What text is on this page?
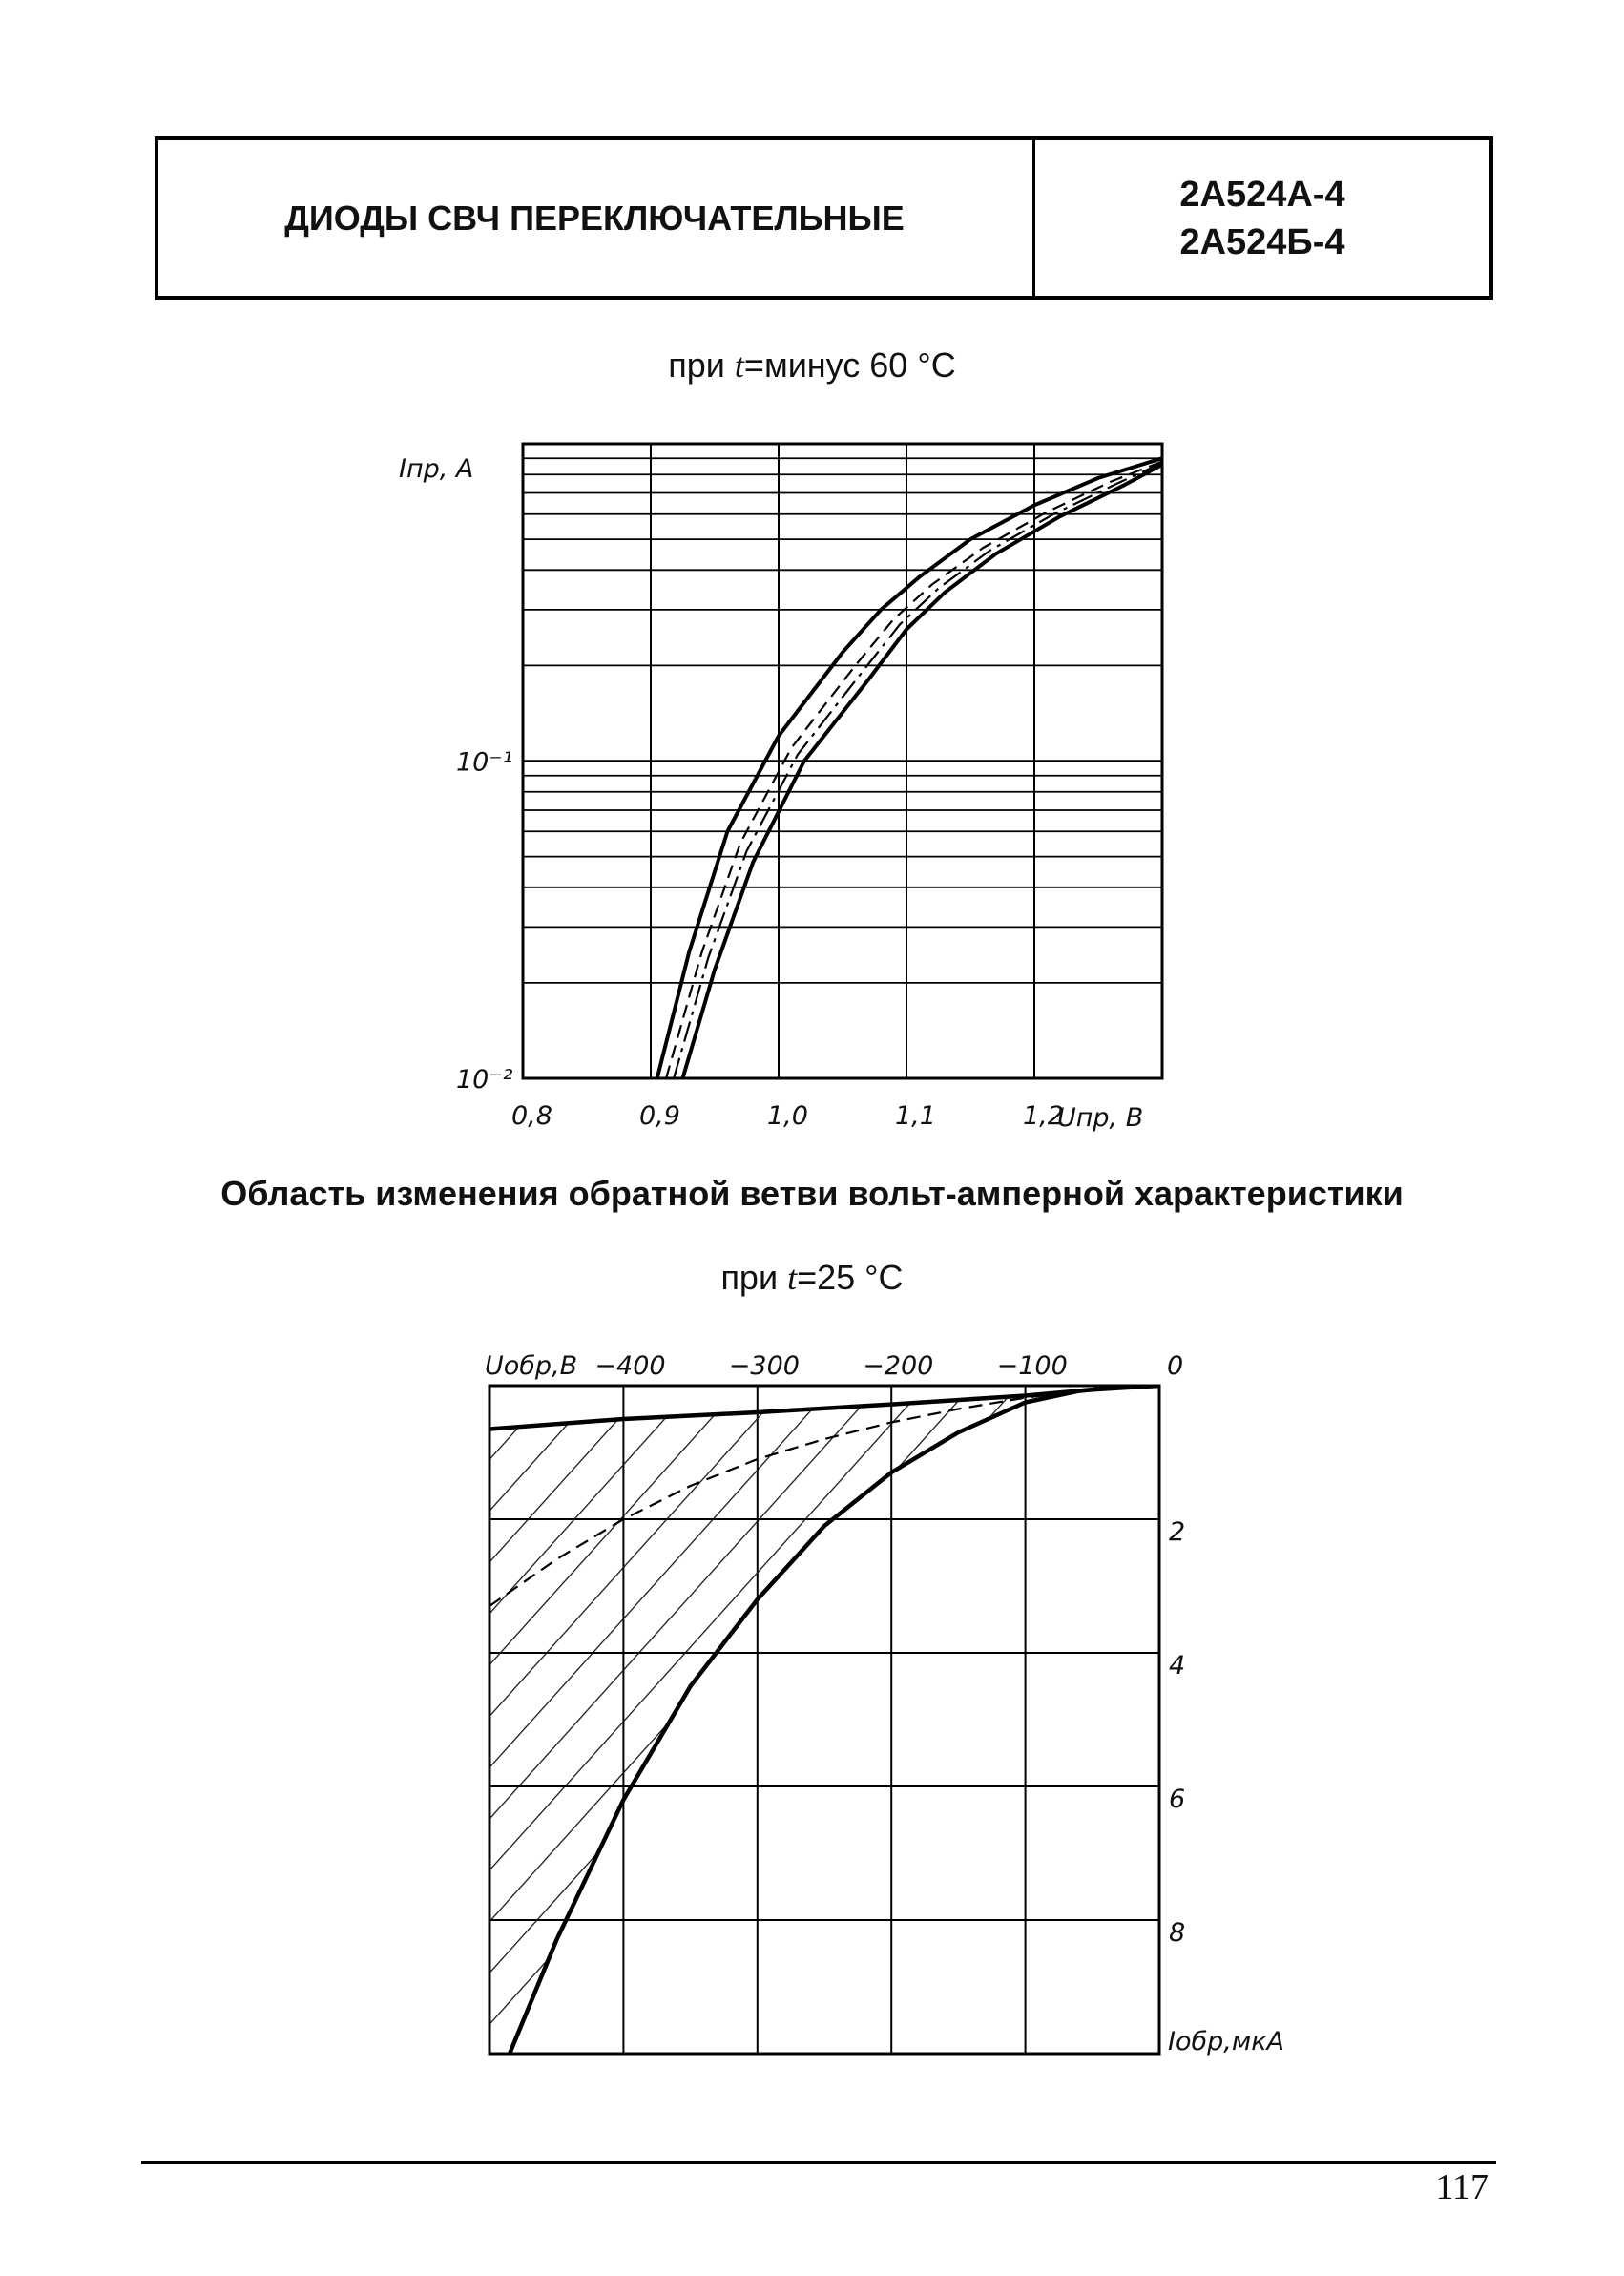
ДИОДЫ СВЧ ПЕРЕКЛЮЧАТЕЛЬНЫЕ
2А524А-4
2А524Б-4
при t=минус 60 °С
Область изменения обратной ветви вольт-амперной характеристики
при t=25 °С
0,8	0,9	1,0	1,1	1,2
10⁻²
10⁻¹
Iпр, А
Uпр, В
−400 −300 −200 −100	0
2
4
6
8
Uобр,В
Iобр,мкА
117
